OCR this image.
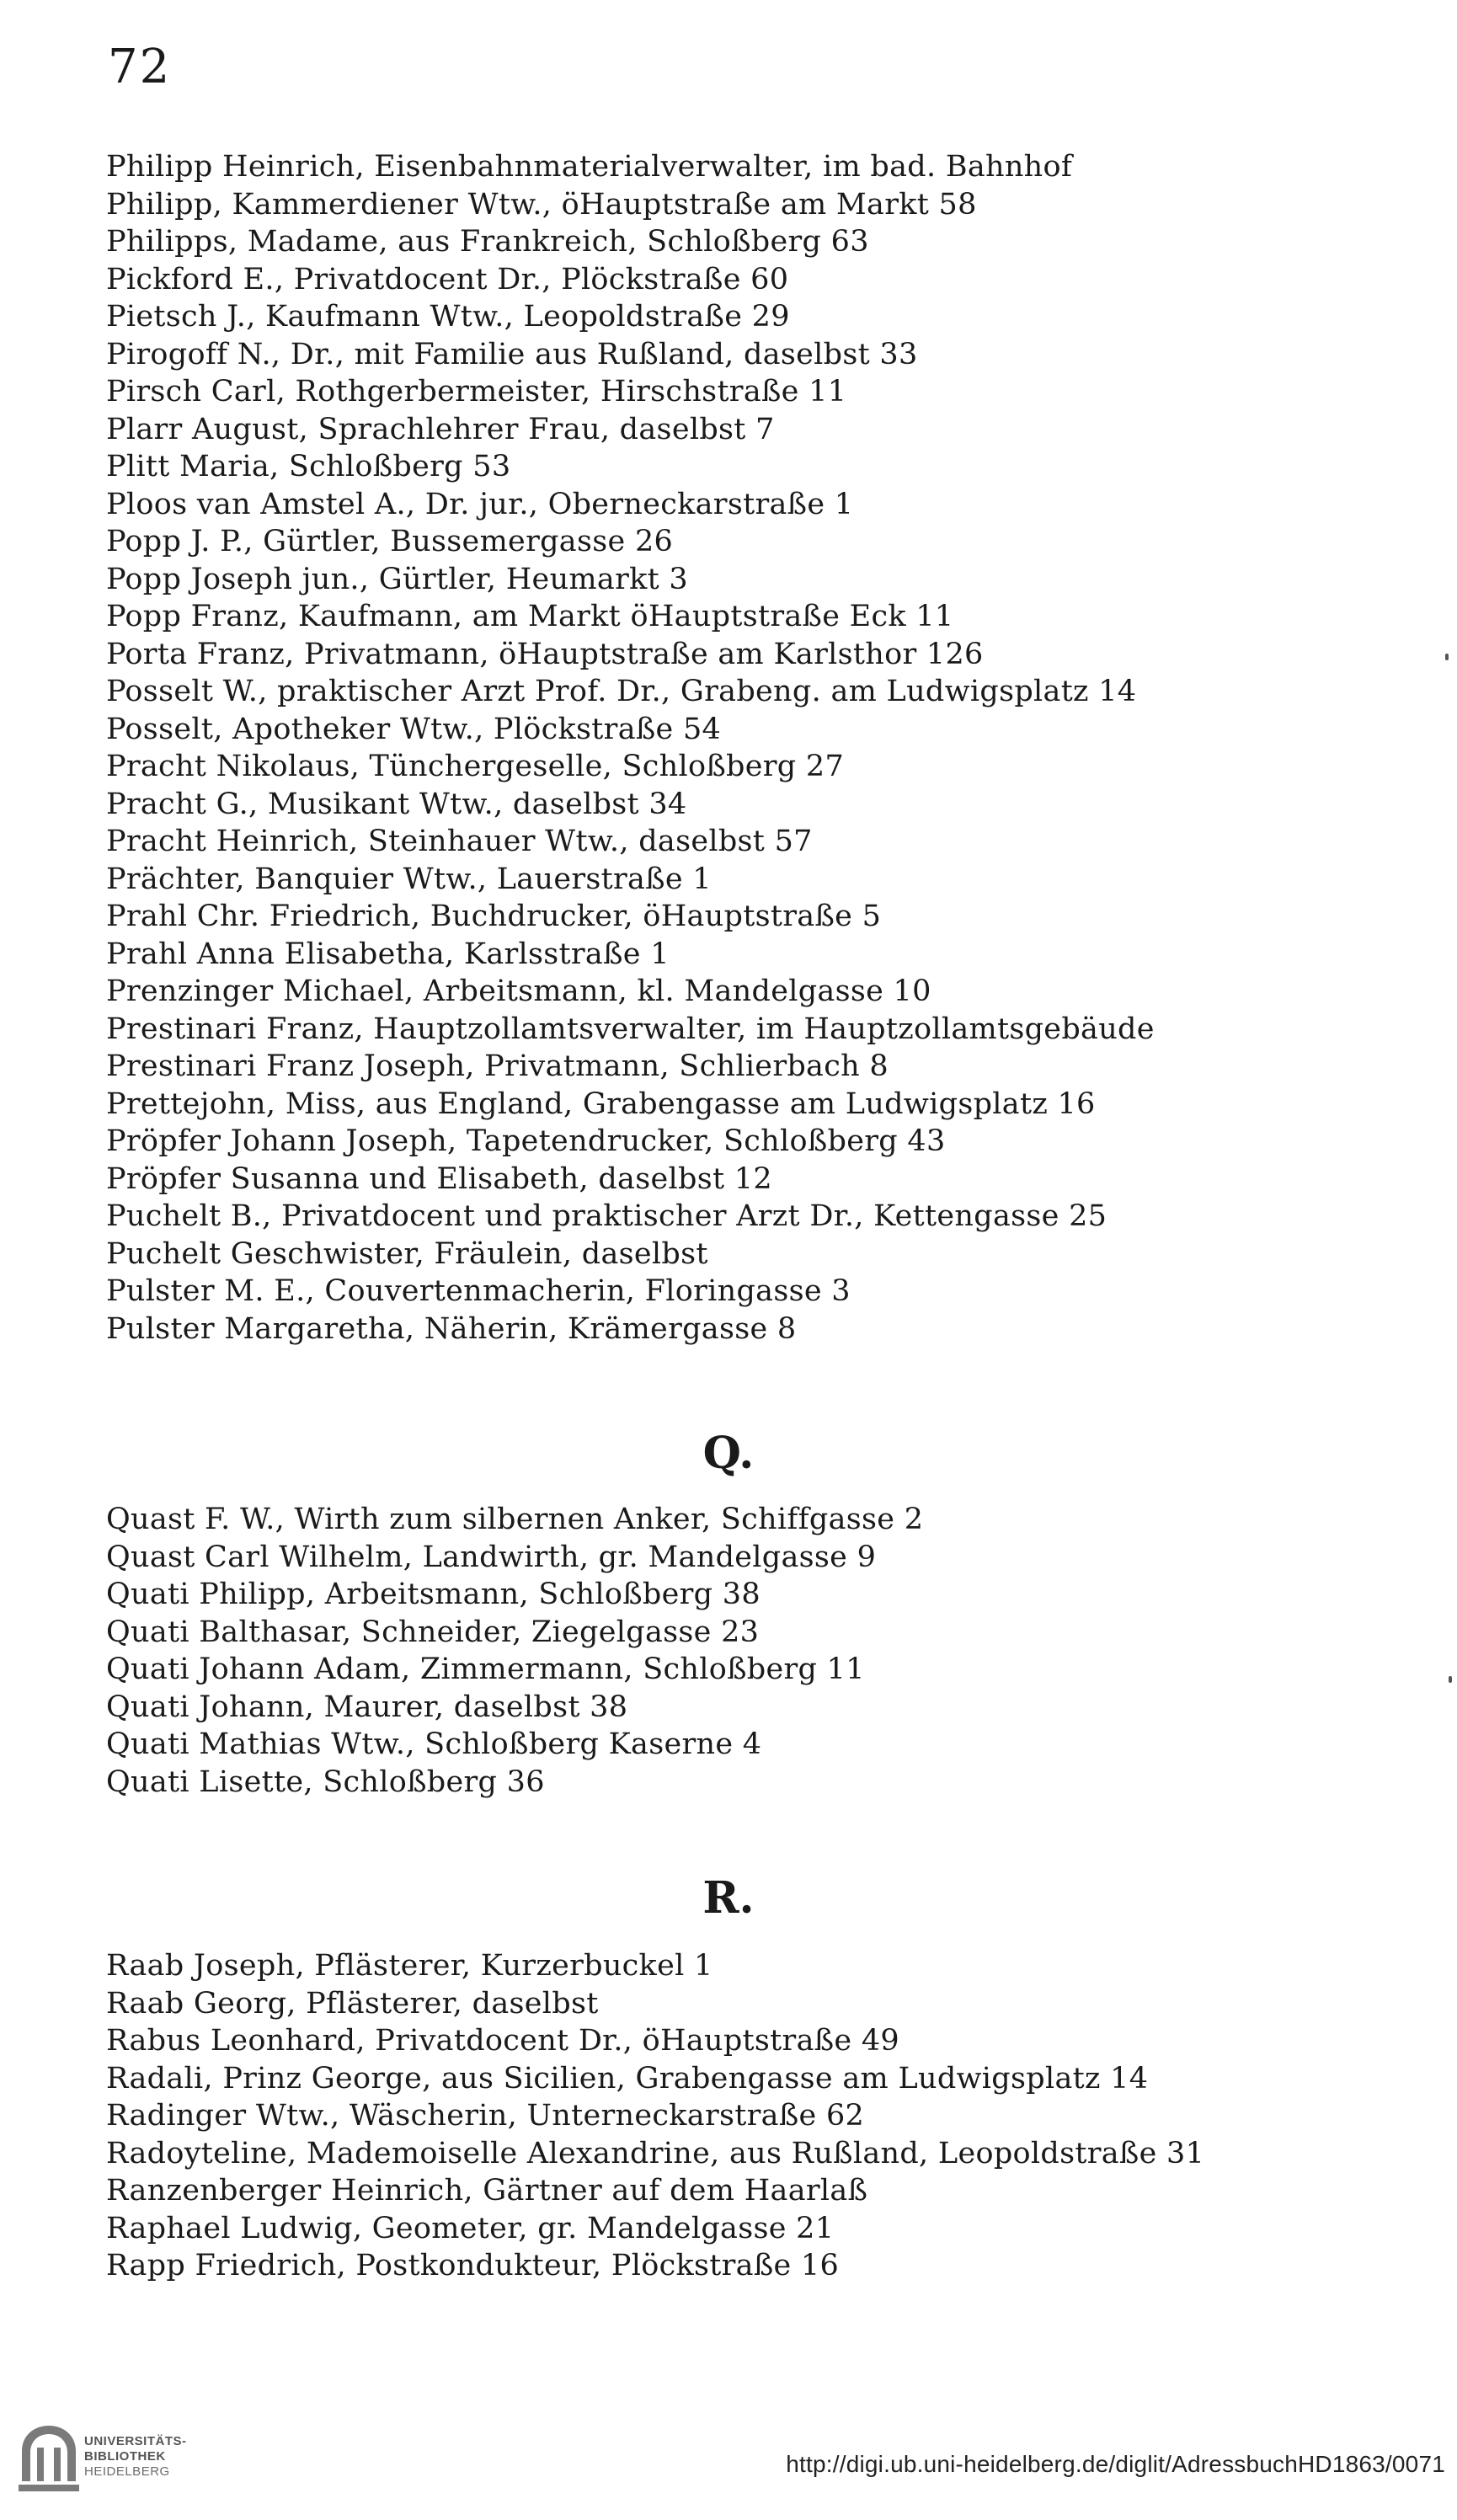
72
Philipp Heinrich, Eisenbahnmaterialverwalter, im bad. Bahnhof
Philipp, Kammerdiener Wtw., öHauptstraße am Markt 58
Philipps, Madame, aus Frankreich, Schloßberg 63
Pickford E., Privatdocent Dr., Plöckstraße 60
Pietsch J., Kaufmann Wtw., Leopoldstraße 29
Pirogoff N., Dr., mit Familie aus Rußland, daselbst 33
Pirsch Carl, Rothgerbermeister, Hirschstraße 11
Plarr August, Sprachlehrer Frau, daselbst 7
Plitt Maria, Schloßberg 53
Ploos van Amstel A., Dr. jur., Oberneckarstraße 1
Popp J. P., Gürtler, Bussemergasse 26
Popp Joseph jun., Gürtler, Heumarkt 3
Popp Franz, Kaufmann, am Markt öHauptstraße Eck 11
Porta Franz, Privatmann, öHauptstraße am Karlsthor 126
Posselt W., praktischer Arzt Prof. Dr., Grabeng. am Ludwigsplatz 14
Posselt, Apotheker Wtw., Plöckstraße 54
Pracht Nikolaus, Tünchergeselle, Schloßberg 27
Pracht G., Musikant Wtw., daselbst 34
Pracht Heinrich, Steinhauer Wtw., daselbst 57
Prächter, Banquier Wtw., Lauerstraße 1
Prahl Chr. Friedrich, Buchdrucker, öHauptstraße 5
Prahl Anna Elisabetha, Karlsstraße 1
Prenzinger Michael, Arbeitsmann, kl. Mandelgasse 10
Prestinari Franz, Hauptzollamtsverwalter, im Hauptzollamtsgebäude
Prestinari Franz Joseph, Privatmann, Schlierbach 8
Prettejohn, Miss, aus England, Grabengasse am Ludwigsplatz 16
Pröpfer Johann Joseph, Tapetendrucker, Schloßberg 43
Pröpfer Susanna und Elisabeth, daselbst 12
Puchelt B., Privatdocent und praktischer Arzt Dr., Kettengasse 25
Puchelt Geschwister, Fräulein, daselbst
Pulster M. E., Couvertenmacherin, Floringasse 3
Pulster Margaretha, Näherin, Krämergasse 8
Q.
Quast F. W., Wirth zum silbernen Anker, Schiffgasse 2
Quast Carl Wilhelm, Landwirth, gr. Mandelgasse 9
Quati Philipp, Arbeitsmann, Schloßberg 38
Quati Balthasar, Schneider, Ziegelgasse 23
Quati Johann Adam, Zimmermann, Schloßberg 11
Quati Johann, Maurer, daselbst 38
Quati Mathias Wtw., Schloßberg Kaserne 4
Quati Lisette, Schloßberg 36
R.
Raab Joseph, Pflästerer, Kurzerbuckel 1
Raab Georg, Pflästerer, daselbst
Rabus Leonhard, Privatdocent Dr., öHauptstraße 49
Radali, Prinz George, aus Sicilien, Grabengasse am Ludwigsplatz 14
Radinger Wtw., Wäscherin, Unterneckarstraße 62
Radoyteline, Mademoiselle Alexandrine, aus Rußland, Leopoldstraße 31
Ranzenberger Heinrich, Gärtner auf dem Haarlaß
Raphael Ludwig, Geometer, gr. Mandelgasse 21
Rapp Friedrich, Postkondukteur, Plöckstraße 16
UNIVERSITÄTS-
BIBLIOTHEK
HEIDELBERG	http://digi.ub.uni-heidelberg.de/diglit/AdressbuchHD1863/0071
